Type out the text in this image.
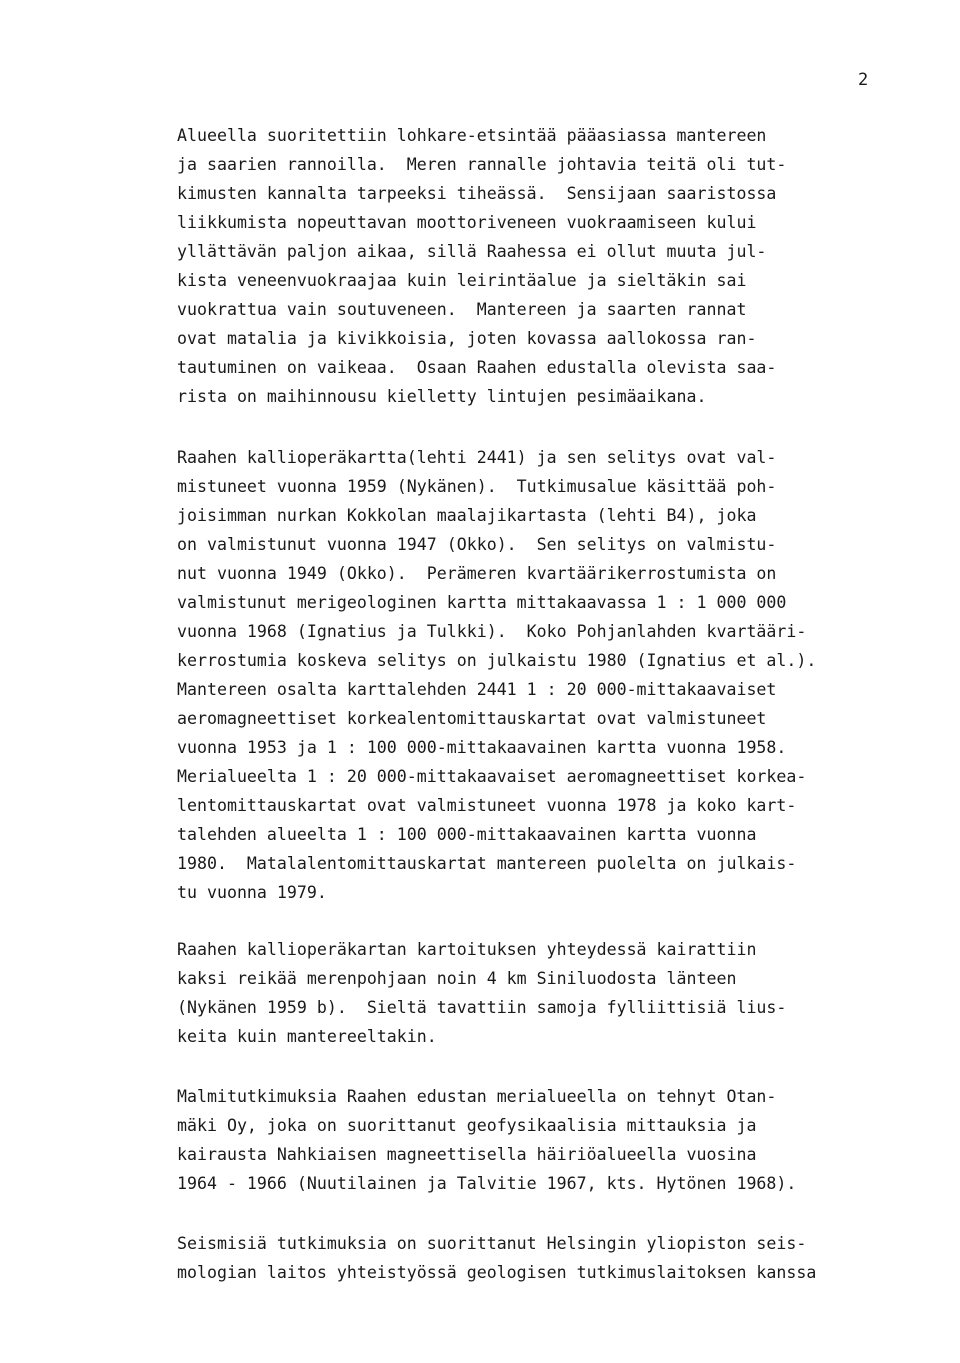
2
Alueella suoritettiin lohkare-etsintää pääasiassa mantereen
ja saarien rannoilla.  Meren rannalle johtavia teitä oli tut-
kimusten kannalta tarpeeksi tiheässä.  Sensijaan saaristossa
liikkumista nopeuttavan moottoriveneen vuokraamiseen kului
yllättävän paljon aikaa, sillä Raahessa ei ollut muuta jul-
kista veneenvuokraajaa kuin leirintäalue ja sieltäkin sai
vuokrattua vain soutuveneen.  Mantereen ja saarten rannat
ovat matalia ja kivikkoisia, joten kovassa aallokossa ran-
tautuminen on vaikeaa.  Osaan Raahen edustalla olevista saa-
rista on maihinnousu kielletty lintujen pesimäaikana.
Raahen kallioperäkartta(lehti 2441) ja sen selitys ovat val-
mistuneet vuonna 1959 (Nykänen).  Tutkimusalue käsittää poh-
joisimman nurkan Kokkolan maalajikartasta (lehti B4), joka
on valmistunut vuonna 1947 (Okko).  Sen selitys on valmistu-
nut vuonna 1949 (Okko).  Perämeren kvartäärikerrostumista on
valmistunut merigeologinen kartta mittakaavassa 1 : 1 000 000
vuonna 1968 (Ignatius ja Tulkki).  Koko Pohjanlahden kvartääri-
kerrostumia koskeva selitys on julkaistu 1980 (Ignatius et al.).
Mantereen osalta karttalehden 2441 1 : 20 000-mittakaavaiset
aeromagneettiset korkealentomittauskartat ovat valmistuneet
vuonna 1953 ja 1 : 100 000-mittakaavainen kartta vuonna 1958.
Merialueelta 1 : 20 000-mittakaavaiset aeromagneettiset korkea-
lentomittauskartat ovat valmistuneet vuonna 1978 ja koko kart-
talehden alueelta 1 : 100 000-mittakaavainen kartta vuonna
1980.  Matalalentomittauskartat mantereen puolelta on julkais-
tu vuonna 1979.
Raahen kallioperäkartan kartoituksen yhteydessä kairattiin
kaksi reikää merenpohjaan noin 4 km Siniluodosta länteen
(Nykänen 1959 b).  Sieltä tavattiin samoja fylliittisiä lius-
keita kuin mantereeltakin.
Malmitutkimuksia Raahen edustan merialueella on tehnyt Otan-
mäki Oy, joka on suorittanut geofysikaalisia mittauksia ja
kairausta Nahkiaisen magneettisella häiriöalueella vuosina
1964 - 1966 (Nuutilainen ja Talvitie 1967, kts. Hytönen 1968).
Seismisiä tutkimuksia on suorittanut Helsingin yliopiston seis-
mologian laitos yhteistyössä geologisen tutkimuslaitoksen kanssa
